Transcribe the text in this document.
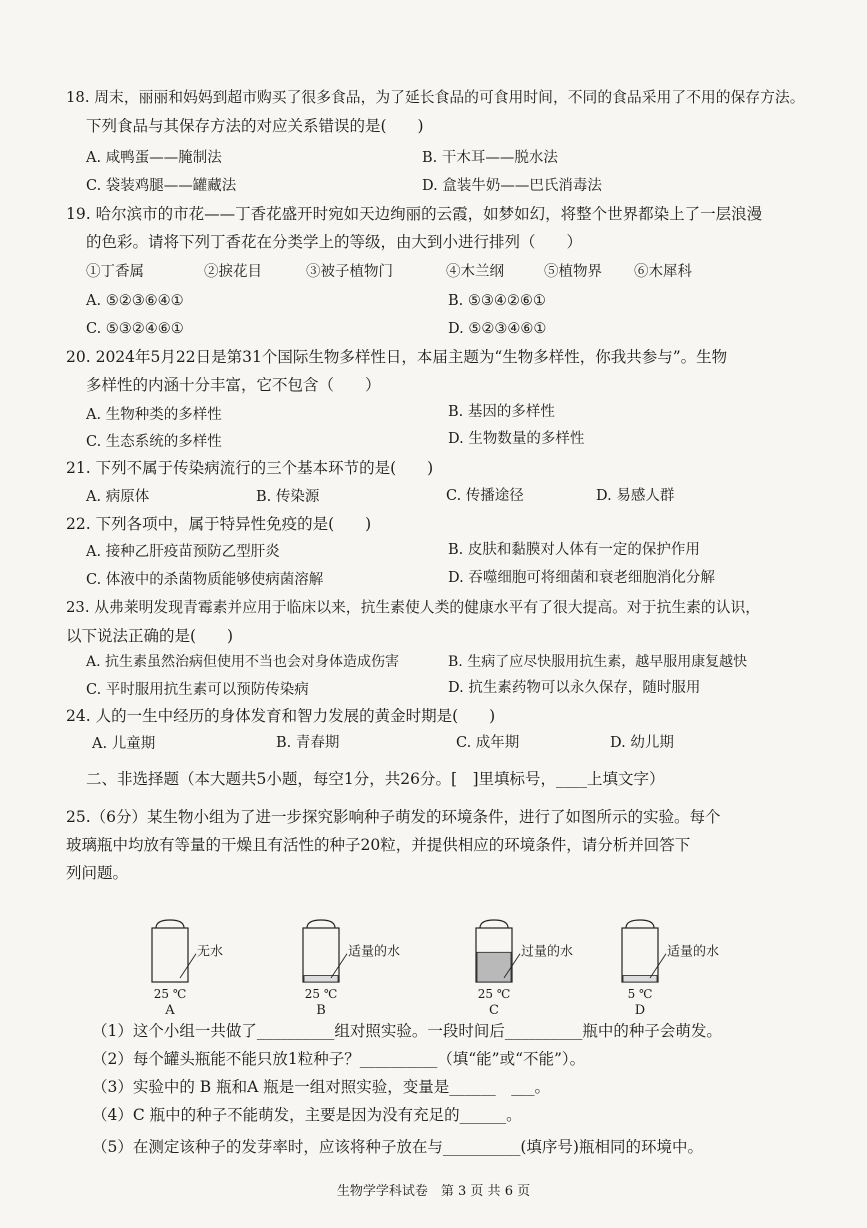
18. 周末，丽丽和妈妈到超市购买了很多食品，为了延长食品的可食用时间，不同的食品采用了不用的保存方法。
下列食品与其保存方法的对应关系错误的是(　　)
A. 咸鸭蛋——腌制法	B. 干木耳——脱水法
C. 袋装鸡腿——罐藏法	D. 盒装牛奶——巴氏消毒法
19. 哈尔滨市的市花——丁香花盛开时宛如天边绚丽的云霞，如梦如幻，将整个世界都染上了一层浪漫
的色彩。请将下列丁香花在分类学上的等级，由大到小进行排列（　　）
①丁香属	②捩花目	③被子植物门	④木兰纲	⑤植物界 ⑥木犀科
A. ⑤②③⑥④①	B. ⑤③④②⑥①
C. ⑤③②④⑥①	D. ⑤②③④⑥①
20. 2024年5月22日是第31个国际生物多样性日，本届主题为“生物多样性，你我共参与”。生物
多样性的内涵十分丰富，它不包含（　　）
A. 生物种类的多样性	B. 基因的多样性
C. 生态系统的多样性	D. 生物数量的多样性
21. 下列不属于传染病流行的三个基本环节的是(　　)
A. 病原体	B. 传染源	C. 传播途径	D. 易感人群
22. 下列各项中，属于特异性免疫的是(　　)
A. 接种乙肝疫苗预防乙型肝炎	B. 皮肤和黏膜对人体有一定的保护作用
C. 体液中的杀菌物质能够使病菌溶解	D. 吞噬细胞可将细菌和衰老细胞消化分解
23. 从弗莱明发现青霉素并应用于临床以来，抗生素使人类的健康水平有了很大提高。对于抗生素的认识，
以下说法正确的是(　　)
A. 抗生素虽然治病但使用不当也会对身体造成伤害	B. 生病了应尽快服用抗生素，越早服用康复越快
C. 平时服用抗生素可以预防传染病	D. 抗生素药物可以永久保存，随时服用
24. 人的一生中经历的身体发育和智力发展的黄金时期是(　　)
A. 儿童期	B. 青春期	C. 成年期	D. 幼儿期
二、非选择题（本大题共5小题，每空1分，共26分。[　]里填标号，____上填文字）
25.（6分）某生物小组为了进一步探究影响种子萌发的环境条件，进行了如图所示的实验。每个
玻璃瓶中均放有等量的干燥且有活性的种子20粒，并提供相应的环境条件，请分析并回答下
列问题。
无水
25 ℃
A
适量的水
25 ℃
B
过量的水
25 ℃
C
适量的水
5 ℃
D
（1）这个小组一共做了__________组对照实验。一段时间后__________瓶中的种子会萌发。
（2）每个罐头瓶能不能只放1粒种子？__________（填“能”或“不能”）。
（3）实验中的 B 瓶和A 瓶是一组对照实验，变量是______　___。
（4）C 瓶中的种子不能萌发，主要是因为没有充足的______。
（5）在测定该种子的发芽率时，应该将种子放在与__________(填序号)瓶相同的环境中。
生物学学科试卷　第 3 页 共 6 页
